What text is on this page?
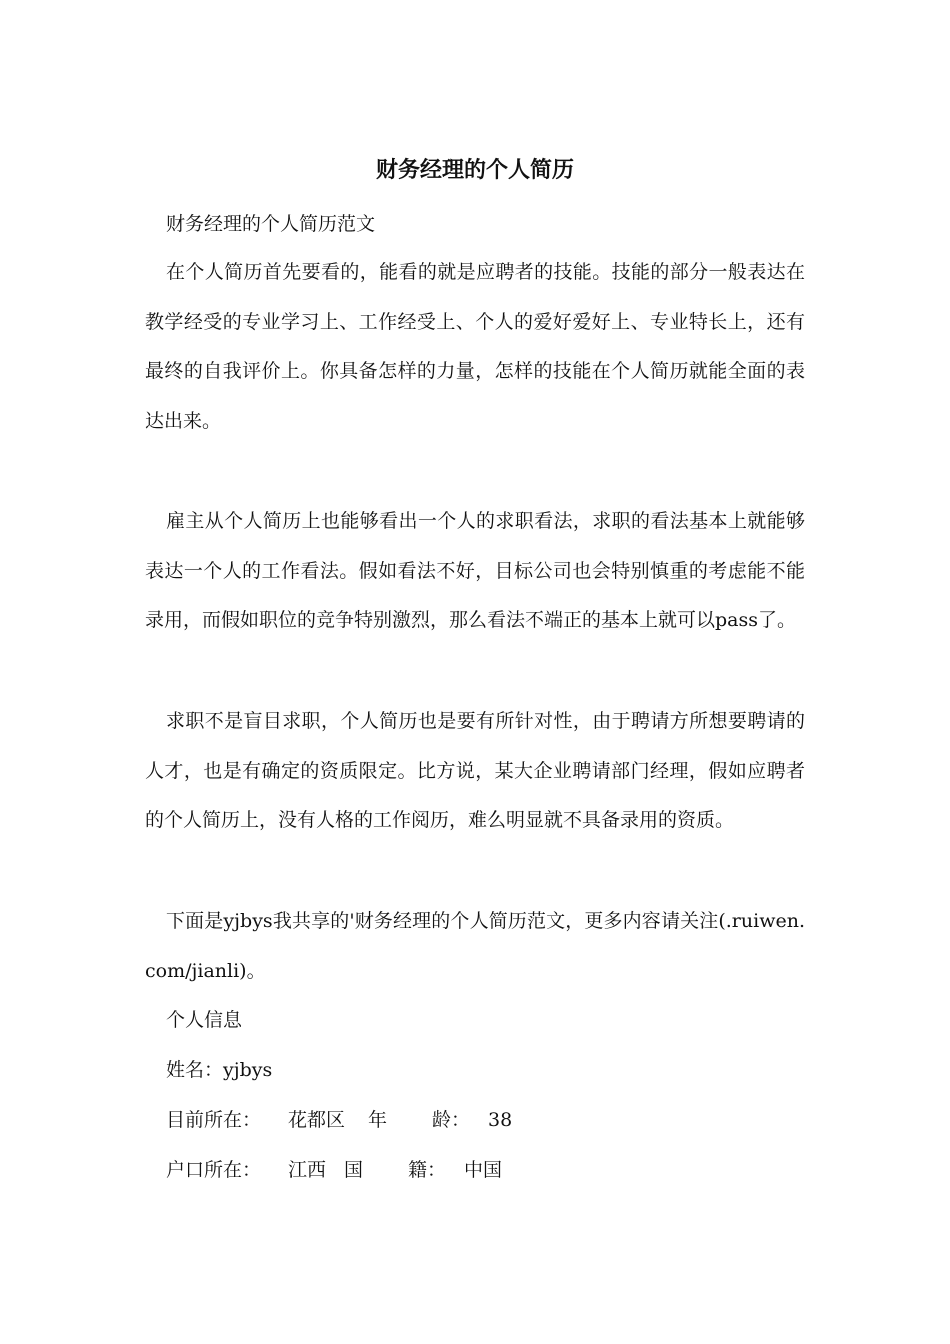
财务经理的个人简历

财务经理的个人简历范文

在个人简历首先要看的，能看的就是应聘者的技能。技能的部分一般表达在教学经受的专业学习上、工作经受上、个人的爱好爱好上、专业特长上，还有最终的自我评价上。你具备怎样的力量，怎样的技能在个人简历就能全面的表达出来。

雇主从个人简历上也能够看出一个人的求职看法，求职的看法基本上就能够表达一个人的工作看法。假如看法不好，目标公司也会特别慎重的考虑能不能录用，而假如职位的竞争特别激烈，那么看法不端正的基本上就可以pass了。

求职不是盲目求职，个人简历也是要有所针对性，由于聘请方所想要聘请的人才，也是有确定的资质限定。比方说，某大企业聘请部门经理，假如应聘者的个人简历上，没有人格的工作阅历，难么明显就不具备录用的资质。

下面是yjbys我共享的'财务经理的个人简历范文，更多内容请关注(.ruiwen.com/jianli)。

个人信息

姓名：yjbys

目前所在： 花都区 年 龄： 38
户口所在： 江西 国 籍： 中国
